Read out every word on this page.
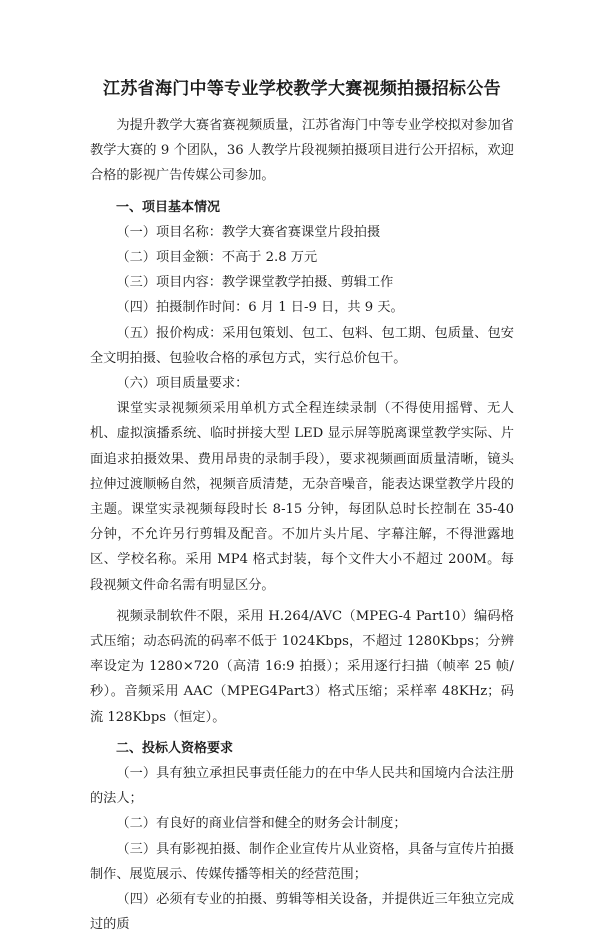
江苏省海门中等专业学校教学大赛视频拍摄招标公告

为提升教学大赛省赛视频质量，江苏省海门中等专业学校拟对参加省教学大赛的 9 个团队，36 人教学片段视频拍摄项目进行公开招标，欢迎合格的影视广告传媒公司参加。

一、项目基本情况

（一）项目名称：教学大赛省赛课堂片段拍摄

（二）项目金额：不高于 2.8 万元

（三）项目内容：教学课堂教学拍摄、剪辑工作

（四）拍摄制作时间：6 月 1 日-9 日，共 9 天。

（五）报价构成：采用包策划、包工、包料、包工期、包质量、包安全文明拍摄、包验收合格的承包方式，实行总价包干。

（六）项目质量要求：

课堂实录视频须采用单机方式全程连续录制（不得使用摇臂、无人机、虚拟演播系统、临时拼接大型 LED 显示屏等脱离课堂教学实际、片面追求拍摄效果、费用昂贵的录制手段），要求视频画面质量清晰，镜头拉伸过渡顺畅自然，视频音质清楚，无杂音噪音，能表达课堂教学片段的主题。课堂实录视频每段时长 8-15 分钟，每团队总时长控制在 35-40 分钟，不允许另行剪辑及配音。不加片头片尾、字幕注解，不得泄露地区、学校名称。采用 MP4 格式封装，每个文件大小不超过 200M。每段视频文件命名需有明显区分。

视频录制软件不限，采用 H.264/AVC（MPEG-4 Part10）编码格式压缩；动态码流的码率不低于 1024Kbps，不超过 1280Kbps；分辨率设定为 1280×720（高清 16:9 拍摄）；采用逐行扫描（帧率 25 帧/秒）。音频采用 AAC（MPEG4Part3）格式压缩；采样率 48KHz；码流 128Kbps（恒定）。

二、投标人资格要求

（一）具有独立承担民事责任能力的在中华人民共和国境内合法注册的法人；

（二）有良好的商业信誉和健全的财务会计制度；

（三）具有影视拍摄、制作企业宣传片从业资格，具备与宣传片拍摄制作、展览展示、传媒传播等相关的经营范围；

（四）必须有专业的拍摄、剪辑等相关设备，并提供近三年独立完成过的质
